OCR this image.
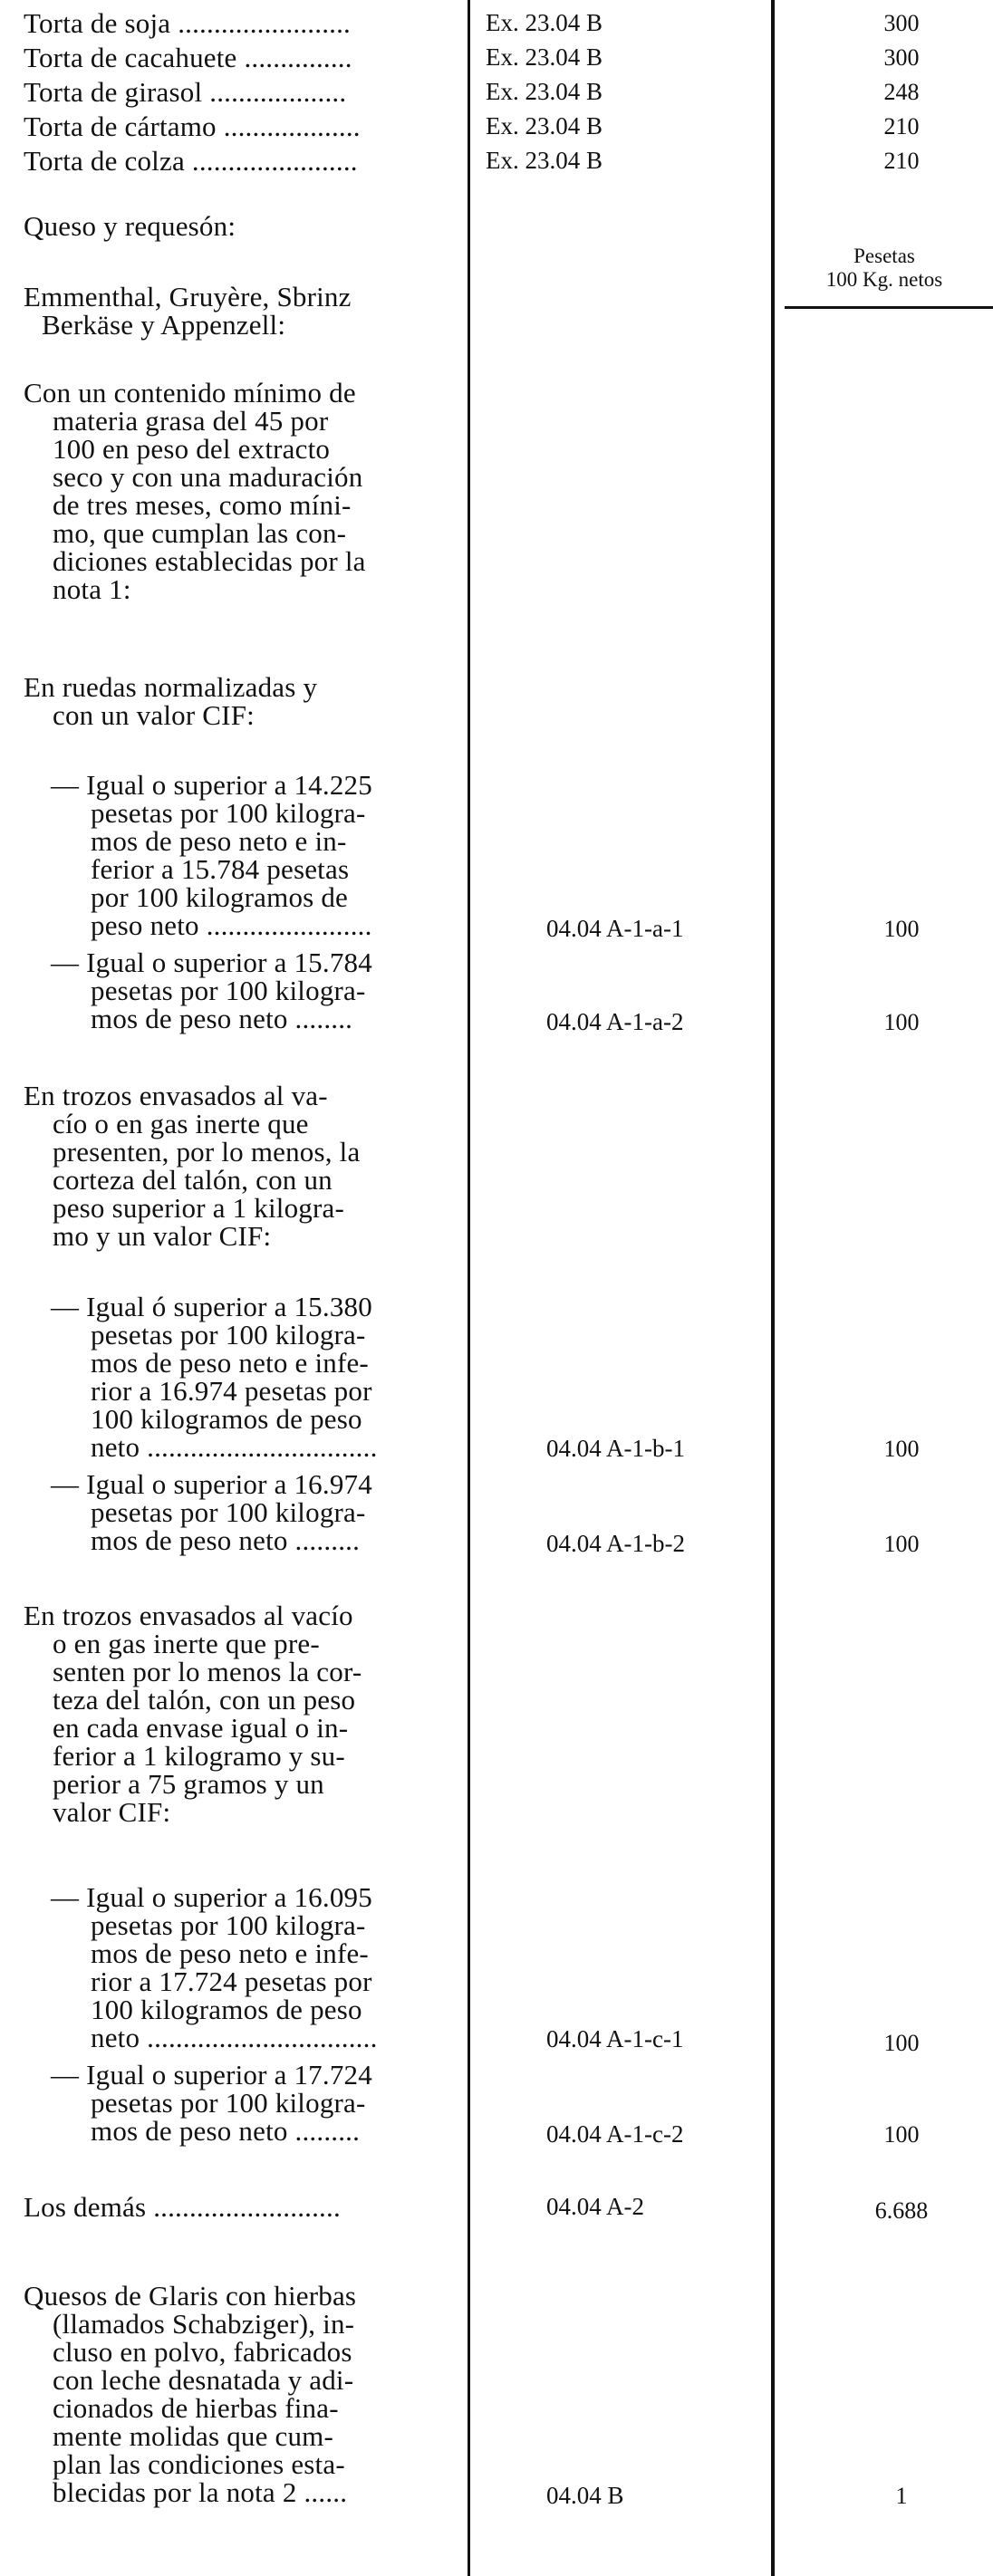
Torta de soja ........................	Ex. 23.04 B	300
Torta de cacahuete ...............	Ex. 23.04 B	300
Torta de girasol ...................	Ex. 23.04 B	248
Torta de cártamo ...................	Ex. 23.04 B	210
Torta de colza .......................	Ex. 23.04 B	210
Queso y requesón:
Pesetas
100 Kg. netos
Emmenthal, Gruyère, Sbrinz
Berkäse y Appenzell:
Con un contenido mínimo de
materia grasa del 45 por
100 en peso del extracto
seco y con una maduración
de tres meses, como míni-
mo, que cumplan las con-
diciones establecidas por la
nota 1:
En ruedas normalizadas y
con un valor CIF:
— Igual o superior a 14.225
pesetas por 100 kilogra-
mos de peso neto e in-
ferior a 15.784 pesetas
por 100 kilogramos de
peso neto .......................	04.04 A-1-a-1	100
— Igual o superior a 15.784
pesetas por 100 kilogra-
mos de peso neto ........	04.04 A-1-a-2	100
En trozos envasados al va-
cío o en gas inerte que
presenten, por lo menos, la
corteza del talón, con un
peso superior a 1 kilogra-
mo y un valor CIF:
— Igual ó superior a 15.380
pesetas por 100 kilogra-
mos de peso neto e infe-
rior a 16.974 pesetas por
100 kilogramos de peso
neto ................................	04.04 A-1-b-1	100
— Igual o superior a 16.974
pesetas por 100 kilogra-
mos de peso neto .........	04.04 A-1-b-2	100
En trozos envasados al vacío
o en gas inerte que pre-
senten por lo menos la cor-
teza del talón, con un peso
en cada envase igual o in-
ferior a 1 kilogramo y su-
perior a 75 gramos y un
valor CIF:
— Igual o superior a 16.095
pesetas por 100 kilogra-
mos de peso neto e infe-
rior a 17.724 pesetas por
100 kilogramos de peso
neto ................................	04.04 A-1-c-1	100
— Igual o superior a 17.724
pesetas por 100 kilogra-
mos de peso neto .........	04.04 A-1-c-2	100
Los demás ..........................	04.04 A-2	6.688
Quesos de Glaris con hierbas
(llamados Schabziger), in-
cluso en polvo, fabricados
con leche desnatada y adi-
cionados de hierbas fina-
mente molidas que cum-
plan las condiciones esta-
blecidas por la nota 2 ......	04.04 B	1
